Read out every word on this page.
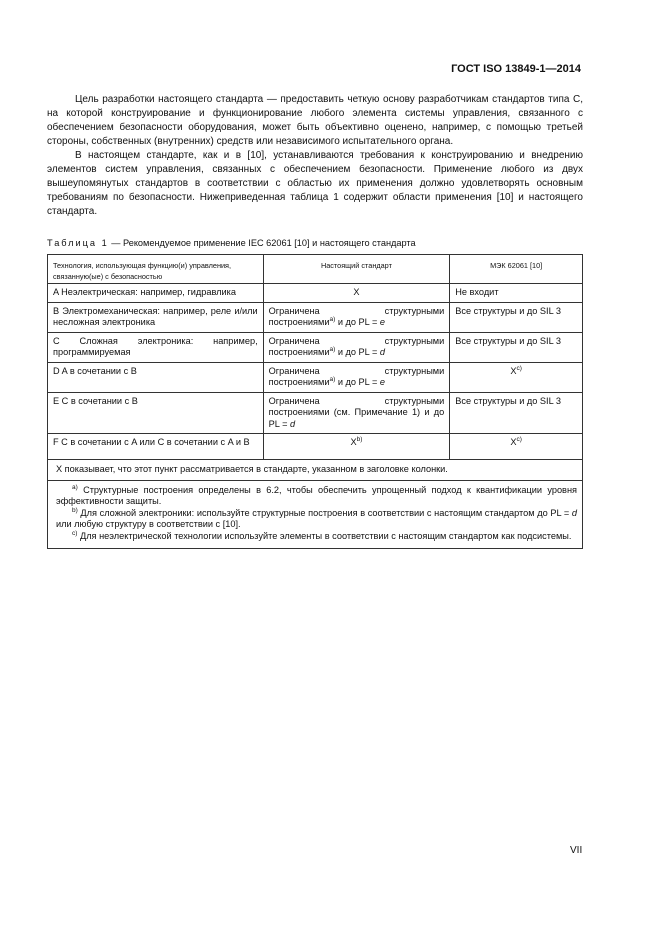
ГОСТ ISO 13849-1—2014

Цель разработки настоящего стандарта — предоставить четкую основу разработчикам стандартов типа С, на которой конструирование и функционирование любого элемента системы управления, связанного с обеспечением безопасности оборудования, может быть объективно оценено, например, с помощью третьей стороны, собственных (внутренних) средств или независимого испытательного органа.

В настоящем стандарте, как и в [10], устанавливаются требования к конструированию и внедрению элементов систем управления, связанных с обеспечением безопасности. Применение любого из двух вышеупомянутых стандартов в соответствии с областью их применения должно удовлетворять основным требованиям по безопасности. Нижеприведенная таблица 1 содержит области применения [10] и настоящего стандарта.

Таблица 1 — Рекомендуемое применение IEC 62061 [10] и настоящего стандарта
Технология, использующая функцию(и) управления, связанную(ые) с безопасностью	Настоящий стандарт	МЭК 62061 [10]
A Неэлектрическая: например, гидравлика	X	Не входит
B Электромеханическая: например, реле и/или несложная электроника	Ограничена структурными построениями$^{a)}$ и до PL = e	Все структуры и до SIL 3
C Сложная электроника: например, программируемая	Ограничена структурными построениями$^{a)}$ и до PL = d	Все структуры и до SIL 3
D A в сочетании с B	Ограничена структурными построениями$^{a)}$ и до PL = e	$X^{c)}$
E C в сочетании с B	Ограничена структурными построениями (см. Примечание 1) и до PL = d	Все структуры и до SIL 3
F C в сочетании с A или C в сочетании с A и B	$X^{b)}$	$X^{c)}$
X показывает, что этот пункт рассматривается в стандарте, указанном в заголовке колонки.		

$^{a)}$ Структурные построения определены в 6.2, чтобы обеспечить упрощенный подход к квантификации уровня эффективности защиты.

$^{b)}$ Для сложной электроники: используйте структурные построения в соответствии с настоящим стандартом до PL = d или любую структуру в соответствии с [10].

$^{c)}$ Для неэлектрической технологии используйте элементы в соответствии с настоящим стандартом как подсистемы.		

VII
